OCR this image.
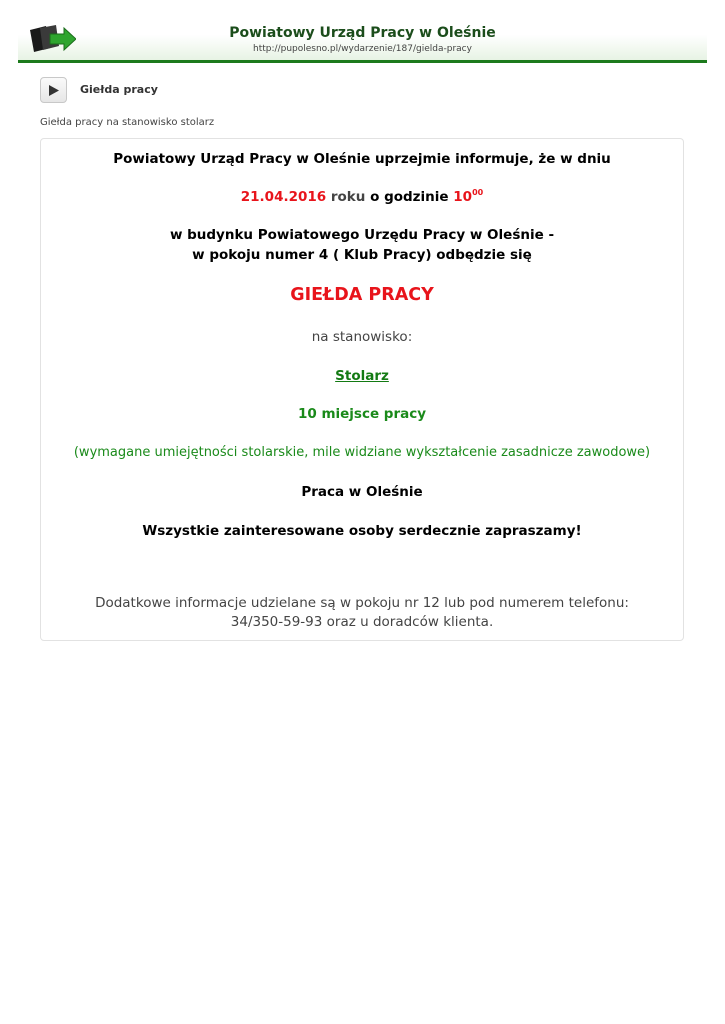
Powiatowy Urząd Pracy w Oleśnie
http://pupolesno.pl/wydarzenie/187/gielda-pracy
Giełda pracy
Giełda pracy na stanowisko stolarz
Powiatowy Urząd Pracy w Oleśnie uprzejmie informuje, że w dniu
21.04.2016 roku o godzinie $10^{00}$
w budynku Powiatowego Urzędu Pracy w Oleśnie -
w pokoju numer 4 ( Klub Pracy) odbędzie się
GIEŁDA PRACY
na stanowisko:
Stolarz
10 miejsce pracy
(wymagane umiejętności stolarskie, mile widziane wykształcenie zasadnicze zawodowe)
Praca w Oleśnie
Wszystkie zainteresowane osoby serdecznie zapraszamy!
Dodatkowe informacje udzielane są w pokoju nr 12 lub pod numerem telefonu:
34/350-59-93 oraz u doradców klienta.
